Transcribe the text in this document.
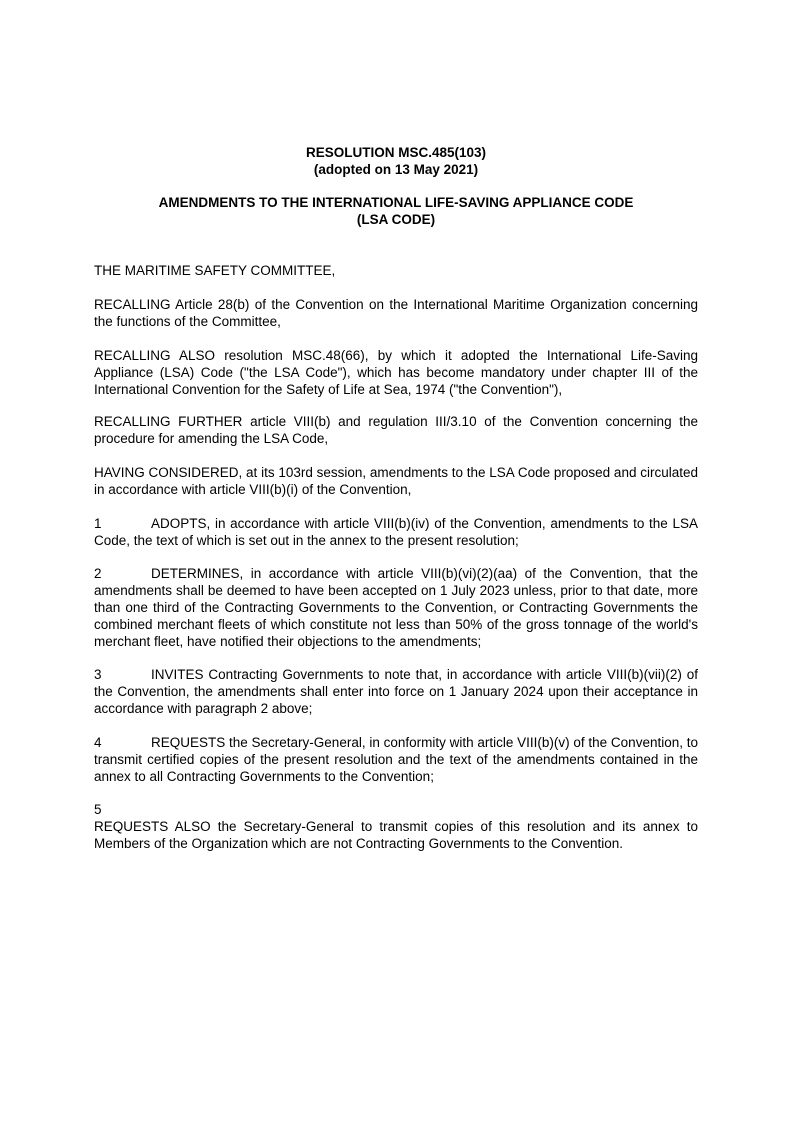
RESOLUTION MSC.485(103)
(adopted on 13 May 2021)
AMENDMENTS TO THE INTERNATIONAL LIFE-SAVING APPLIANCE CODE
(LSA CODE)
THE MARITIME SAFETY COMMITTEE,
RECALLING Article 28(b) of the Convention on the International Maritime Organization concerning the functions of the Committee,
RECALLING ALSO resolution MSC.48(66), by which it adopted the International Life-Saving Appliance (LSA) Code ("the LSA Code"), which has become mandatory under chapter III of the International Convention for the Safety of Life at Sea, 1974 ("the Convention"),
RECALLING FURTHER article VIII(b) and regulation III/3.10 of the Convention concerning the procedure for amending the LSA Code,
HAVING CONSIDERED, at its 103rd session, amendments to the LSA Code proposed and circulated in accordance with article VIII(b)(i) of the Convention,
1	ADOPTS, in accordance with article VIII(b)(iv) of the Convention, amendments to the LSA Code, the text of which is set out in the annex to the present resolution;
2	DETERMINES, in accordance with article VIII(b)(vi)(2)(aa) of the Convention, that the amendments shall be deemed to have been accepted on 1 July 2023 unless, prior to that date, more than one third of the Contracting Governments to the Convention, or Contracting Governments the combined merchant fleets of which constitute not less than 50% of the gross tonnage of the world's merchant fleet, have notified their objections to the amendments;
3	INVITES Contracting Governments to note that, in accordance with article VIII(b)(vii)(2) of the Convention, the amendments shall enter into force on 1 January 2024 upon their acceptance in accordance with paragraph 2 above;
4	REQUESTS the Secretary-General, in conformity with article VIII(b)(v) of the Convention, to transmit certified copies of the present resolution and the text of the amendments contained in the annex to all Contracting Governments to the Convention;
5
REQUESTS ALSO the Secretary-General to transmit copies of this resolution and its annex to Members of the Organization which are not Contracting Governments to the Convention.
